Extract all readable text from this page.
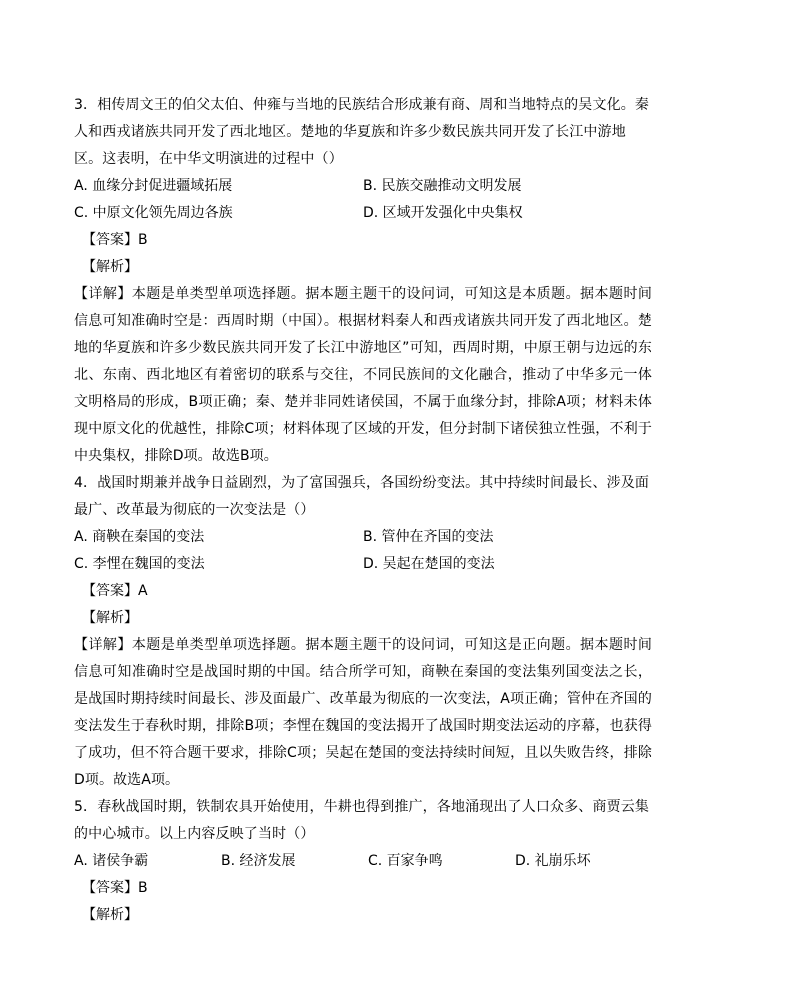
3．相传周文王的伯父太伯、仲雍与当地的民族结合形成兼有商、周和当地特点的吴文化。秦人和西戎诸族共同开发了西北地区。楚地的华夏族和许多少数民族共同开发了长江中游地区。这表明，在中华文明演进的过程中（）
A. 血缘分封促进疆域拓展	B. 民族交融推动文明发展
C. 中原文化领先周边各族	D. 区域开发强化中央集权
【答案】B
【解析】
【详解】本题是单类型单项选择题。据本题主题干的设问词，可知这是本质题。据本题时间信息可知准确时空是：西周时期（中国）。根据材料秦人和西戎诸族共同开发了西北地区。楚地的华夏族和许多少数民族共同开发了长江中游地区”可知，西周时期，中原王朝与边远的东北、东南、西北地区有着密切的联系与交往，不同民族间的文化融合，推动了中华多元一体文明格局的形成，B项正确；秦、楚并非同姓诸侯国，不属于血缘分封，排除A项；材料未体现中原文化的优越性，排除C项；材料体现了区域的开发，但分封制下诸侯独立性强，不利于中央集权，排除D项。故选B项。
4．战国时期兼并战争日益剧烈，为了富国强兵，各国纷纷变法。其中持续时间最长、涉及面最广、改革最为彻底的一次变法是（）
A. 商鞅在秦国的变法	B. 管仲在齐国的变法
C. 李悝在魏国的变法	D. 吴起在楚国的变法
【答案】A
【解析】
【详解】本题是单类型单项选择题。据本题主题干的设问词，可知这是正向题。据本题时间信息可知准确时空是战国时期的中国。结合所学可知，商鞅在秦国的变法集列国变法之长，是战国时期持续时间最长、涉及面最广、改革最为彻底的一次变法，A项正确；管仲在齐国的变法发生于春秋时期，排除B项；李悝在魏国的变法揭开了战国时期变法运动的序幕，也获得了成功，但不符合题干要求，排除C项；吴起在楚国的变法持续时间短，且以失败告终，排除D项。故选A项。
5．春秋战国时期，铁制农具开始使用，牛耕也得到推广，各地涌现出了人口众多、商贾云集的中心城市。以上内容反映了当时（）
A. 诸侯争霸	B. 经济发展	C. 百家争鸣	D. 礼崩乐坏
【答案】B
【解析】
